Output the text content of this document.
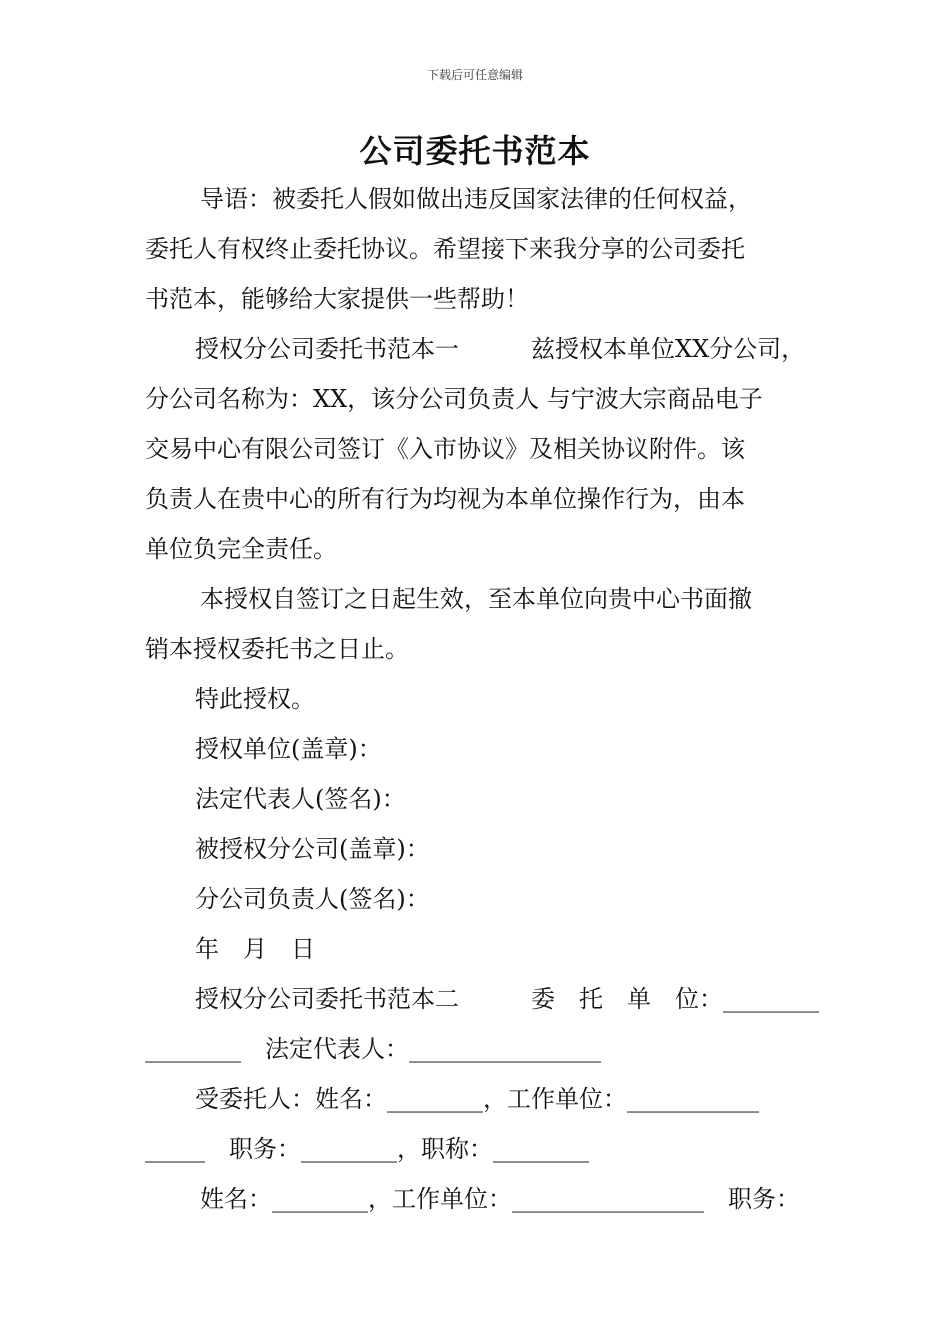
下载后可任意编辑
公司委托书范本
导语：被委托人假如做出违反国家法律的任何权益，
委托人有权终止委托协议。希望接下来我分享的公司委托
书范本，能够给大家提供一些帮助！
授权分公司委托书范本一　　　兹授权本单位XX分公司，
分公司名称为：XX，该分公司负责人 与宁波大宗商品电子
交易中心有限公司签订《入市协议》及相关协议附件。该
负责人在贵中心的所有行为均视为本单位操作行为，由本
单位负完全责任。
本授权自签订之日起生效，至本单位向贵中心书面撤
销本授权委托书之日止。
特此授权。
授权单位(盖章)：
法定代表人(签名)：
被授权分公司(盖章)：
分公司负责人(签名)：
年　月　日
授权分公司委托书范本二　　　委　托　单　位：________
________　法定代表人：________________
受委托人：姓名：________，工作单位：___________
_____　职务：________，职称：________
姓名：________，工作单位：________________　职务：
